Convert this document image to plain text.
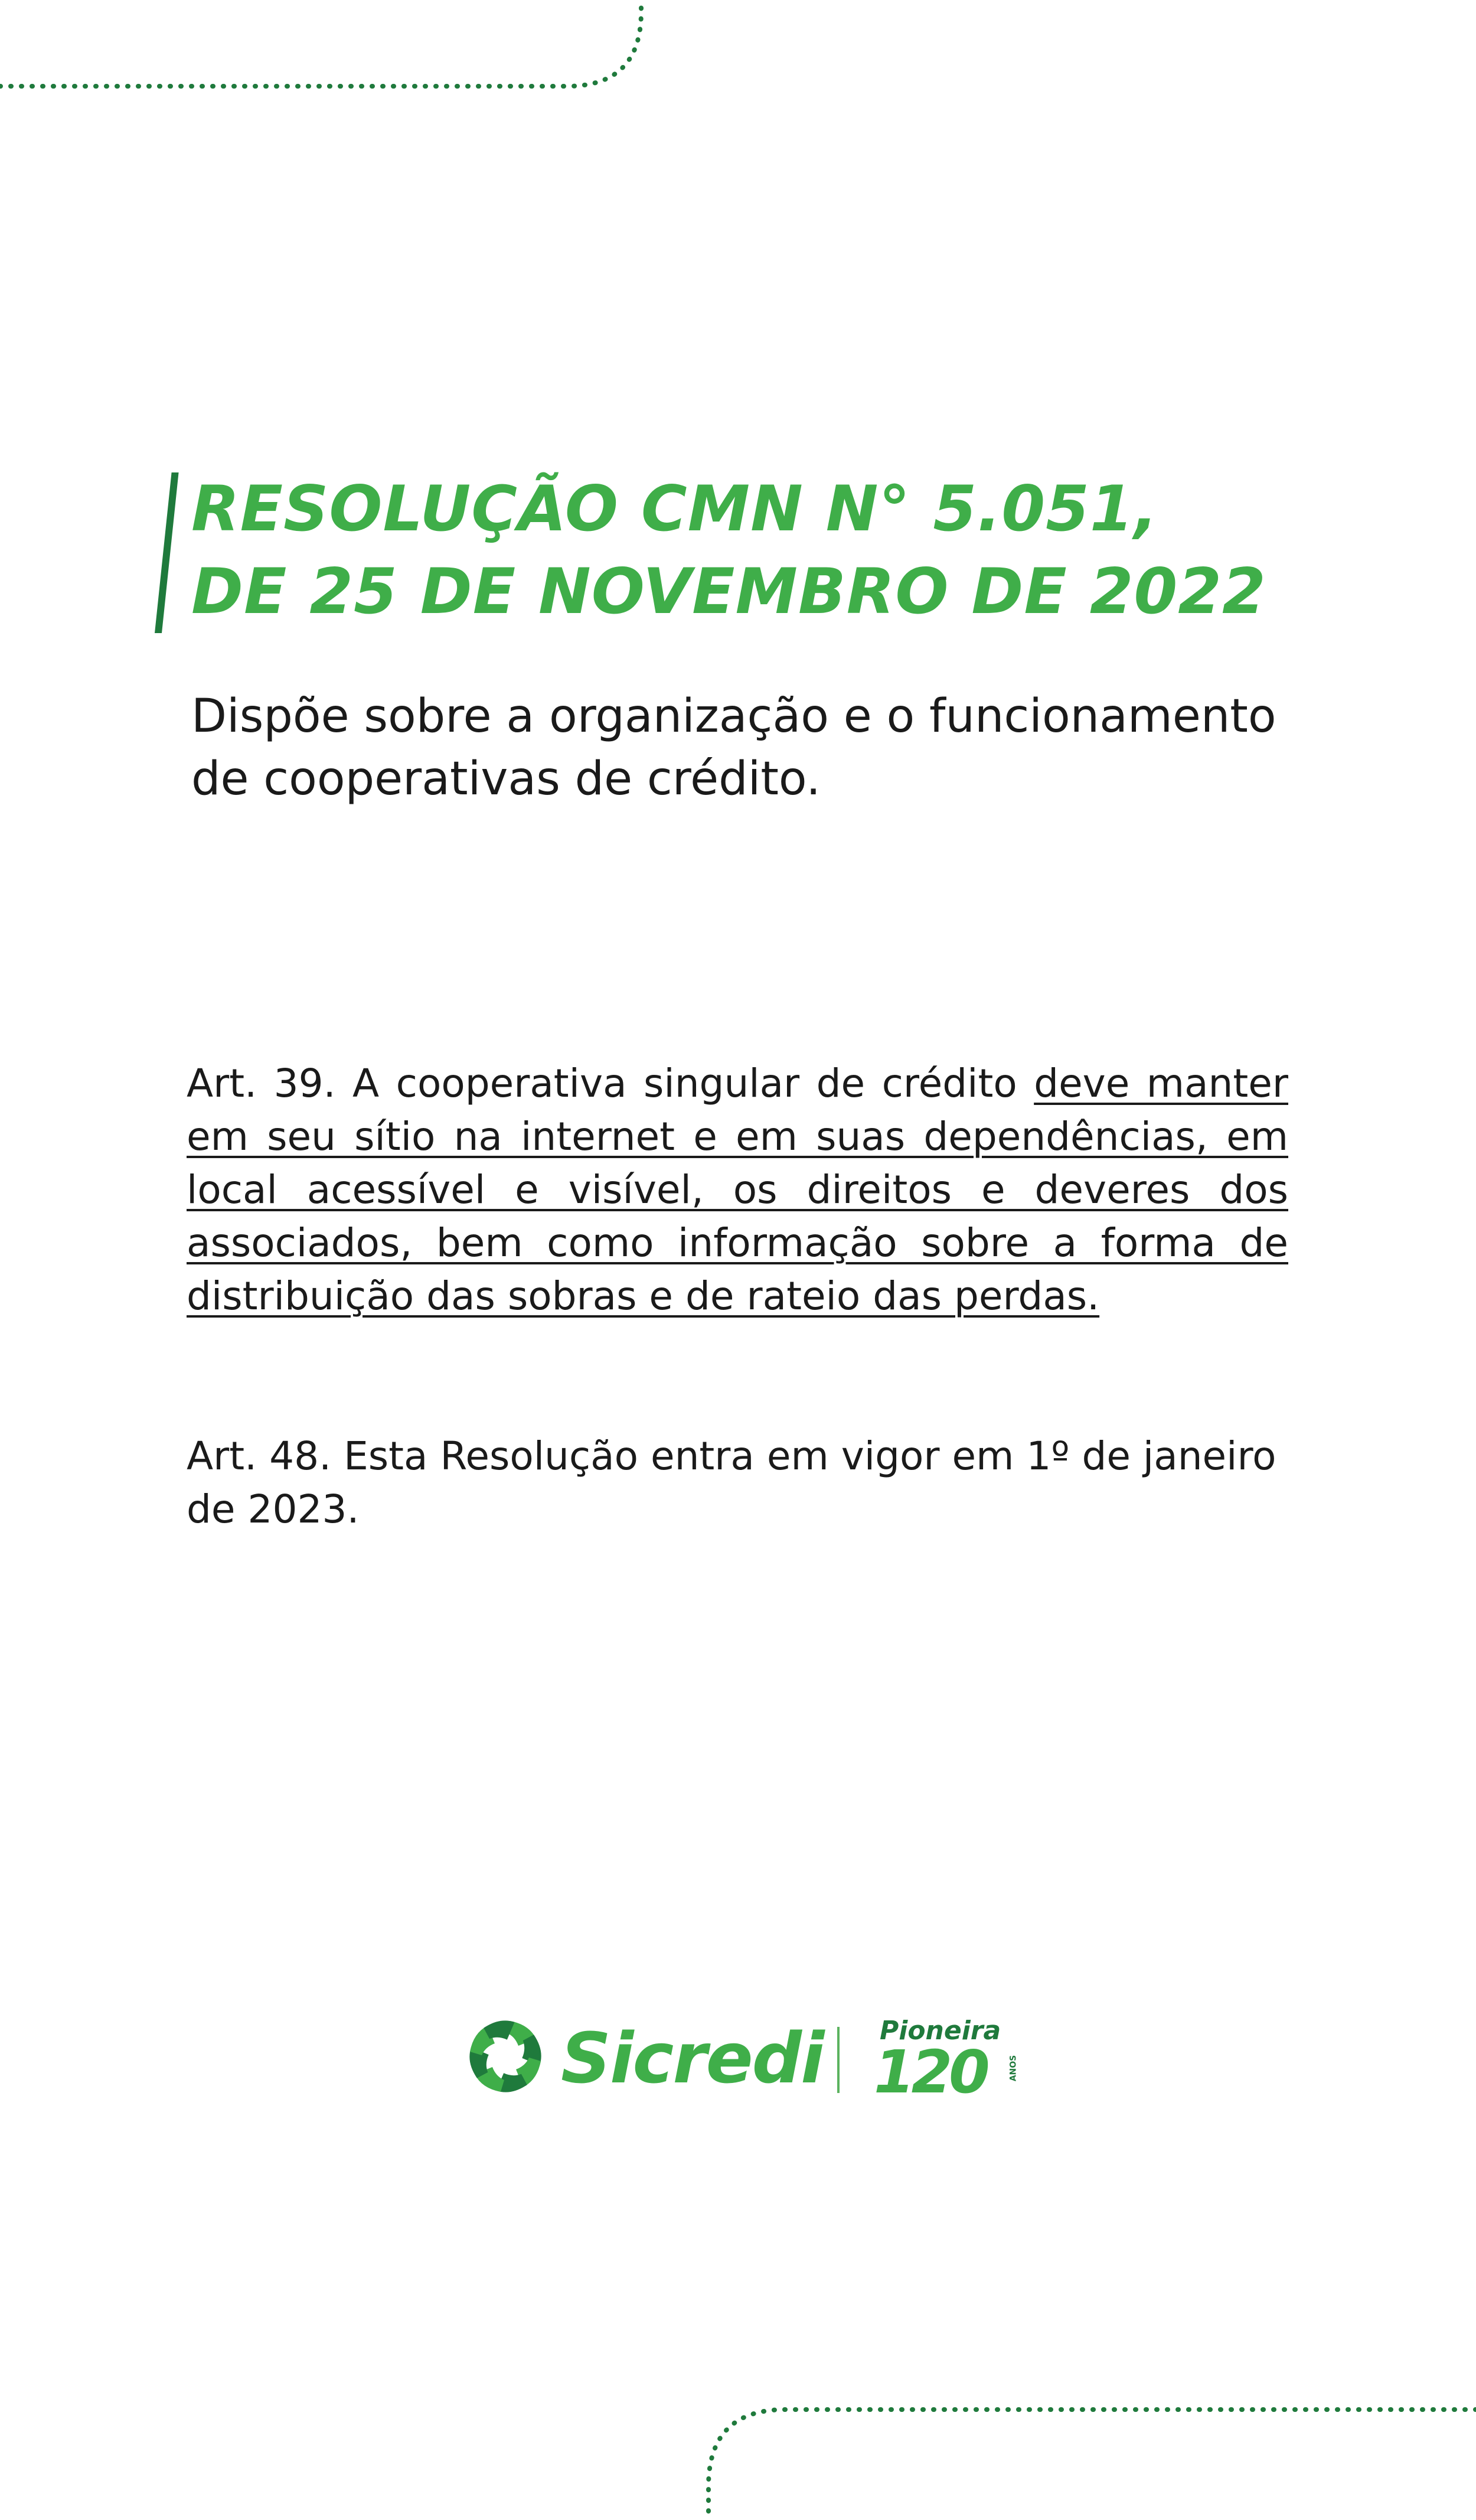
RESOLUÇÃO CMN N° 5.051,
DE 25 DE NOVEMBRO DE 2022

Dispõe sobre a organização e o funcionamento de cooperativas de crédito.

Art. 39. A cooperativa singular de crédito deve manter em seu sítio na internet e em suas dependências, em local acessível e visível, os direitos e deveres dos associados, bem como informação sobre a forma de distribuição das sobras e de rateio das perdas.

Art. 48. Esta Resolução entra em vigor em 1º de janeiro de 2023.

Sicredi Pioneira
120	ANOS
